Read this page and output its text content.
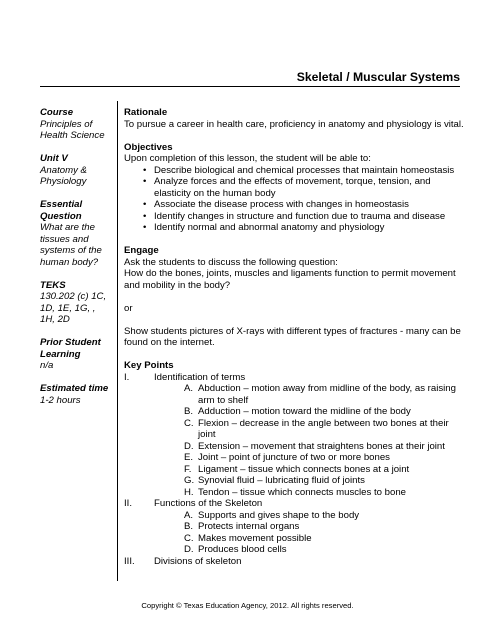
Skeletal / Muscular Systems
Course
Principles of Health Science
Unit V
Anatomy & Physiology
Essential Question
What are the tissues and systems of the human body?
TEKS
130.202 (c) 1C, 1D, 1E, 1G, , 1H, 2D
Prior Student Learning
n/a
Estimated time
1-2 hours
Rationale
To pursue a career in health care, proficiency in anatomy and physiology is vital.
Objectives
Upon completion of this lesson, the student will be able to:
• Describe biological and chemical processes that maintain homeostasis
• Analyze forces and the effects of movement, torque, tension, and elasticity on the human body
• Associate the disease process with changes in homeostasis
• Identify changes in structure and function due to trauma and disease
• Identify normal and abnormal anatomy and physiology
Engage
Ask the students to discuss the following question:
How do the bones, joints, muscles and ligaments function to permit movement and mobility in the body?
or
Show students pictures of X-rays with different types of fractures - many can be found on the internet.
Key Points
I.	Identification of terms
A. Abduction – motion away from midline of the body, as raising arm to shelf
B. Adduction – motion toward the midline of the body
C. Flexion – decrease in the angle between two bones at their joint
D. Extension – movement that straightens bones at their joint
E. Joint – point of juncture of two or more bones
F. Ligament – tissue which connects bones at a joint
G. Synovial fluid – lubricating fluid of joints
H. Tendon – tissue which connects muscles to bone
II. Functions of the Skeleton
A. Supports and gives shape to the body
B. Protects internal organs
C. Makes movement possible
D. Produces blood cells
III. Divisions of skeleton
Copyright © Texas Education Agency, 2012. All rights reserved.
